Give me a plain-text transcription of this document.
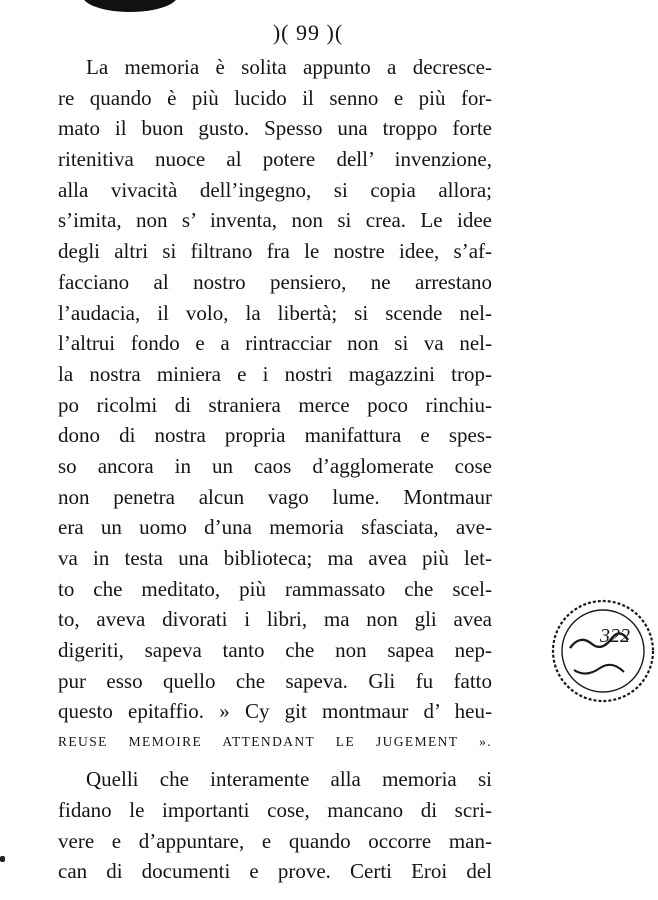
)( 99 )(
La memoria è solita appunto a decresce-
re quando è più lucido il senno e più for-
mato il buon gusto. Spesso una troppo forte
ritenitiva nuoce al potere dell’ invenzione,
alla vivacità dell’ingegno, si copia allora;
s’imita, non s’ inventa, non si crea. Le idee
degli altri si filtrano fra le nostre idee, s’af-
facciano al nostro pensiero, ne arrestano
l’audacia, il volo, la libertà; si scende nel-
l’altrui fondo e a rintracciar non si va nel-
la nostra miniera e i nostri magazzini trop-
po ricolmi di straniera merce poco rinchiu-
dono di nostra propria manifattura e spes-
so ancora in un caos d’agglomerate cose
non penetra alcun vago lume. Montmaur
era un uomo d’una memoria sfasciata, ave-
va in testa una biblioteca; ma avea più let-
to che meditato, più rammassato che scel-
to, aveva divorati i libri, ma non gli avea
digeriti, sapeva tanto che non sapea nep-
pur esso quello che sapeva. Gli fu fatto
questo epitaffio. » Cy git montmaur d’ heu-
REUSE MEMOIRE ATTENDANT LE JUGEMENT ».
Quelli che interamente alla memoria si
fidano le importanti cose, mancano di scri-
vere e d’appuntare, e quando occorre man-
can di documenti e prove. Certi Eroi del
322
